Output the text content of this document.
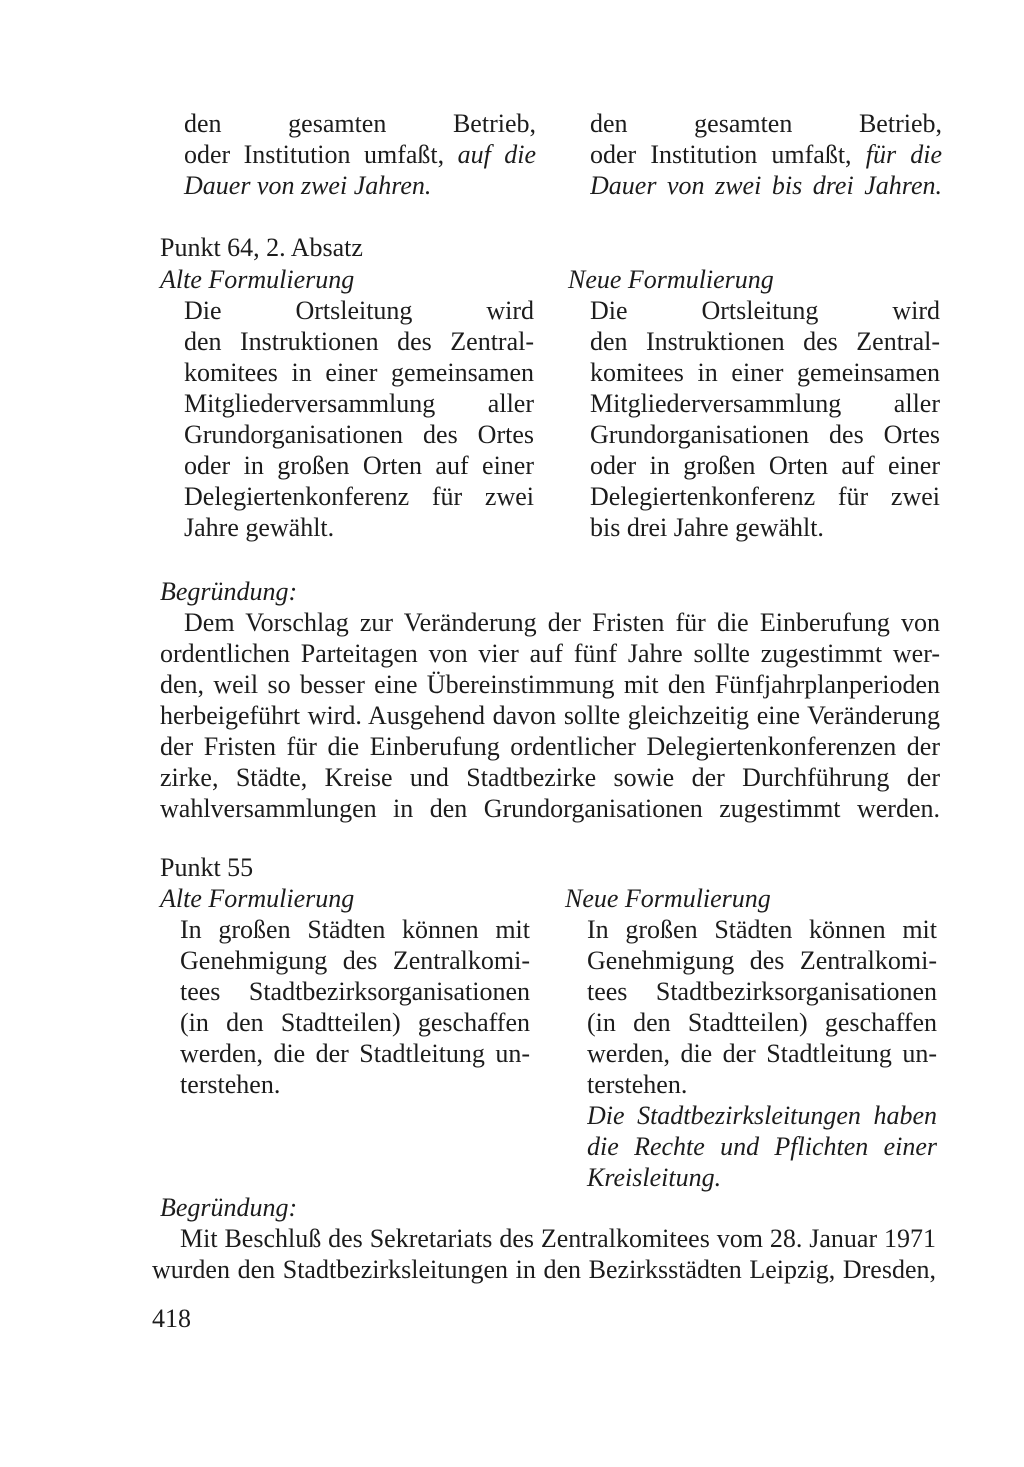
den gesamten Betrieb,
oder Institution umfaßt, auf die
Dauer von zwei Jahren.
den gesamten Betrieb,
oder Institution umfaßt, für die
Dauer von zwei bis drei Jahren.
Punkt 64, 2. Absatz
Alte Formulierung	Neue Formulierung
Die Ortsleitung wird
den Instruktionen des Zentral-
komitees in einer gemeinsamen
Mitgliederversammlung aller
Grundorganisationen des Ortes
oder in großen Orten auf einer
Delegiertenkonferenz für zwei
Jahre gewählt.
Die Ortsleitung wird
den Instruktionen des Zentral-
komitees in einer gemeinsamen
Mitgliederversammlung aller
Grundorganisationen des Ortes
oder in großen Orten auf einer
Delegiertenkonferenz für zwei
bis drei Jahre gewählt.
Begründung:
Dem Vorschlag zur Veränderung der Fristen für die Einberufung von
ordentlichen Parteitagen von vier auf fünf Jahre sollte zugestimmt wer-
den, weil so besser eine Übereinstimmung mit den Fünfjahrplanperioden
herbeigeführt wird. Ausgehend davon sollte gleichzeitig eine Veränderung
der Fristen für die Einberufung ordentlicher Delegiertenkonferenzen der
zirke, Städte, Kreise und Stadtbezirke sowie der Durchführung der
wahlversammlungen in den Grundorganisationen zugestimmt werden.
Punkt 55
Alte Formulierung	Neue Formulierung
In großen Städten können mit
Genehmigung des Zentralkomi-
tees Stadtbezirksorganisationen
(in den Stadtteilen) geschaffen
werden, die der Stadtleitung un-
terstehen.
In großen Städten können mit
Genehmigung des Zentralkomi-
tees Stadtbezirksorganisationen
(in den Stadtteilen) geschaffen
werden, die der Stadtleitung un-
terstehen.
Die Stadtbezirksleitungen haben
die Rechte und Pflichten einer
Kreisleitung.
Begründung:
Mit Beschluß des Sekretariats des Zentralkomitees vom 28. Januar 1971
wurden den Stadtbezirksleitungen in den Bezirksstädten Leipzig, Dresden,
418
